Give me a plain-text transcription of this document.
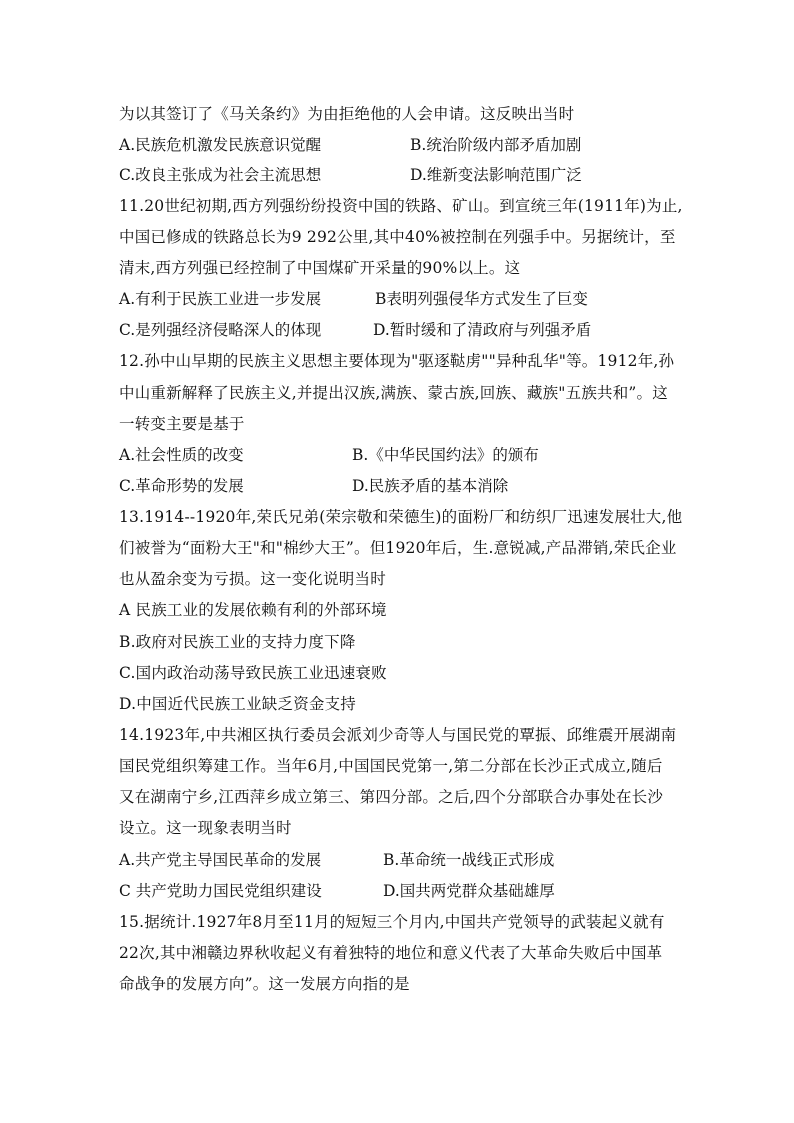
为以其签订了《马关条约》为由拒绝他的人会申请。这反映出当时
A.民族危机激发民族意识觉醒	B.统治阶级内部矛盾加剧
C.改良主张成为社会主流思想	D.维新变法影响范围广泛
11.20世纪初期,西方列强纷纷投资中国的铁路、矿山。到宣统三年(1911年)为止,
中国已修成的铁路总长为9 292公里,其中40%被控制在列强手中。另据统计，至
清末,西方列强已经控制了中国煤矿开采量的90%以上。这
A.有利于民族工业进一步发展	B表明列强侵华方式发生了巨变
C.是列强经济侵略深人的体现	D.暂时缓和了清政府与列强矛盾
12.孙中山早期的民族主义思想主要体现为"驱逐鞑虏""异种乱华"等。1912年,孙
中山重新解释了民族主义,并提出汉族,满族、蒙古族,回族、藏族"五族共和”。这
一转变主要是基于
A.社会性质的改变	B.《中华民国约法》的颁布
C.革命形势的发展	D.民族矛盾的基本消除
13.1914--1920年,荣氏兄弟(荣宗敬和荣德生)的面粉厂和纺织厂迅速发展壮大,他
们被誉为“面粉大王"和"棉纱大王”。但1920年后，生.意锐减,产品滞销,荣氏企业
也从盈余变为亏损。这一变化说明当时
A 民族工业的发展依赖有利的外部环境
B.政府对民族工业的支持力度下降
C.国内政治动荡导致民族工业迅速衰败
D.中国近代民族工业缺乏资金支持
14.1923年,中共湘区执行委员会派刘少奇等人与国民党的覃振、邱维震开展湖南
国民党组织筹建工作。当年6月,中国国民党第一,第二分部在长沙正式成立,随后
又在湖南宁乡,江西萍乡成立第三、第四分部。之后,四个分部联合办事处在长沙
设立。这一现象表明当时
A.共产党主导国民革命的发展	B.革命统一战线正式形成
C 共产党助力国民党组织建设	D.国共两党群众基础雄厚
15.据统计.1927年8月至11月的短短三个月内,中国共产党领导的武装起义就有
22次,其中湘赣边界秋收起义有着独特的地位和意义代表了大革命失败后中国革
命战争的发展方向”。这一发展方向指的是
